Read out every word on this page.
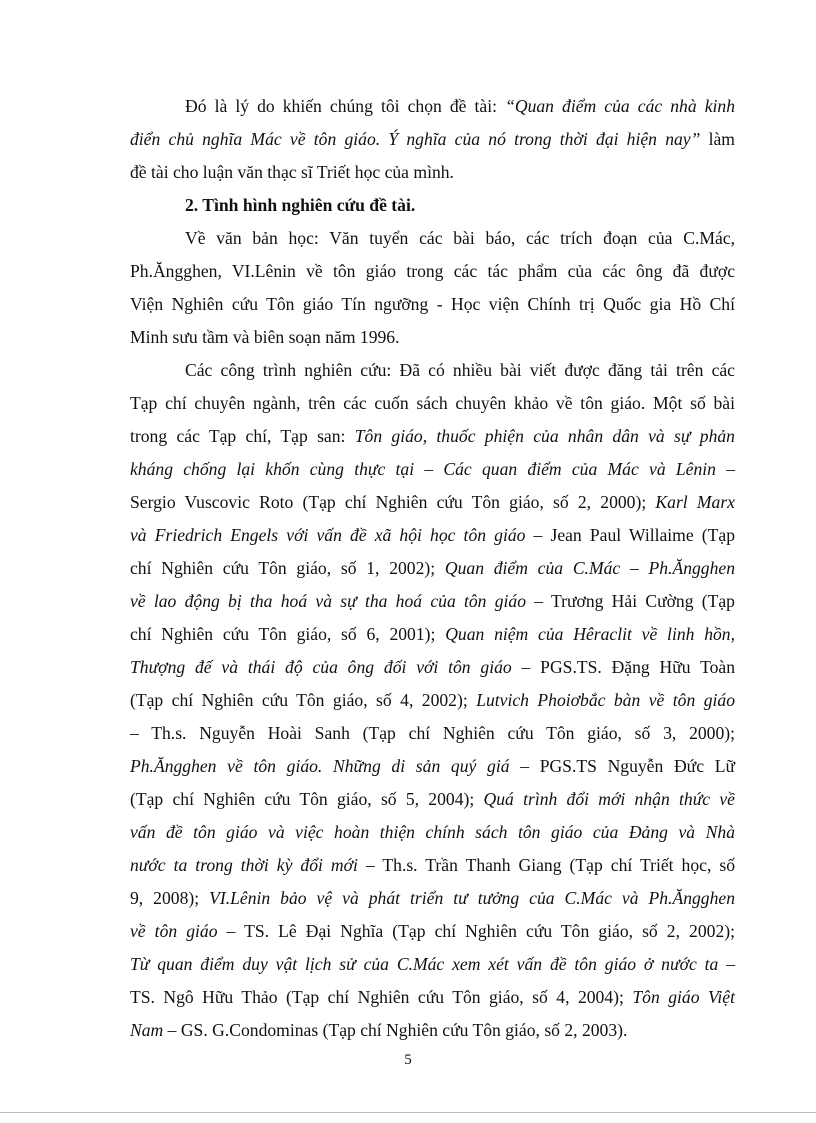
Đó là lý do khiến chúng tôi chọn đề tài: “Quan điểm của các nhà kinh
điển chủ nghĩa Mác về tôn giáo. Ý nghĩa của nó trong thời đại hiện nay” làm
đề tài cho luận văn thạc sĩ Triết học của mình.
2. Tình hình nghiên cứu đề tài.
Về văn bản học: Văn tuyển các bài báo, các trích đoạn của C.Mác,
Ph.Ăngghen, VI.Lênin về tôn giáo trong các tác phẩm của các ông đã được
Viện Nghiên cứu Tôn giáo Tín ngưỡng - Học viện Chính trị Quốc gia Hồ Chí
Minh sưu tầm và biên soạn năm 1996.
Các công trình nghiên cứu: Đã có nhiều bài viết được đăng tải trên các
Tạp chí chuyên ngành, trên các cuốn sách chuyên khảo về tôn giáo. Một số bài
trong các Tạp chí, Tạp san: Tôn giáo, thuốc phiện của nhân dân và sự phản
kháng chống lại khốn cùng thực tại – Các quan điểm của Mác và Lênin –
Sergio Vuscovic Roto (Tạp chí Nghiên cứu Tôn giáo, số 2, 2000); Karl Marx
và Friedrich Engels với vấn đề xã hội học tôn giáo – Jean Paul Willaime (Tạp
chí Nghiên cứu Tôn giáo, số 1, 2002); Quan điểm của C.Mác – Ph.Ăngghen
về lao động bị tha hoá và sự tha hoá của tôn giáo – Trương Hải Cường (Tạp
chí Nghiên cứu Tôn giáo, số 6, 2001); Quan niệm của Hêraclit về linh hồn,
Thượng đế và thái độ của ông đối với tôn giáo – PGS.TS. Đặng Hữu Toàn
(Tạp chí Nghiên cứu Tôn giáo, số 4, 2002); Lutvich Phoiơbắc bàn về tôn giáo
– Th.s. Nguyễn Hoài Sanh (Tạp chí Nghiên cứu Tôn giáo, số 3, 2000);
Ph.Ăngghen về tôn giáo. Những di sản quý giá – PGS.TS Nguyễn Đức Lữ
(Tạp chí Nghiên cứu Tôn giáo, số 5, 2004); Quá trình đổi mới nhận thức về
vấn đề tôn giáo và việc hoàn thiện chính sách tôn giáo của Đảng và Nhà
nước ta trong thời kỳ đổi mới – Th.s. Trần Thanh Giang (Tạp chí Triết học, số
9, 2008); VI.Lênin bảo vệ và phát triển tư tưởng của C.Mác và Ph.Ăngghen
về tôn giáo – TS. Lê Đại Nghĩa (Tạp chí Nghiên cứu Tôn giáo, số 2, 2002);
Từ quan điểm duy vật lịch sử của C.Mác xem xét vấn đề tôn giáo ở nước ta –
TS. Ngô Hữu Thảo (Tạp chí Nghiên cứu Tôn giáo, số 4, 2004); Tôn giáo Việt
Nam – GS. G.Condominas (Tạp chí Nghiên cứu Tôn giáo, số 2, 2003).
5
